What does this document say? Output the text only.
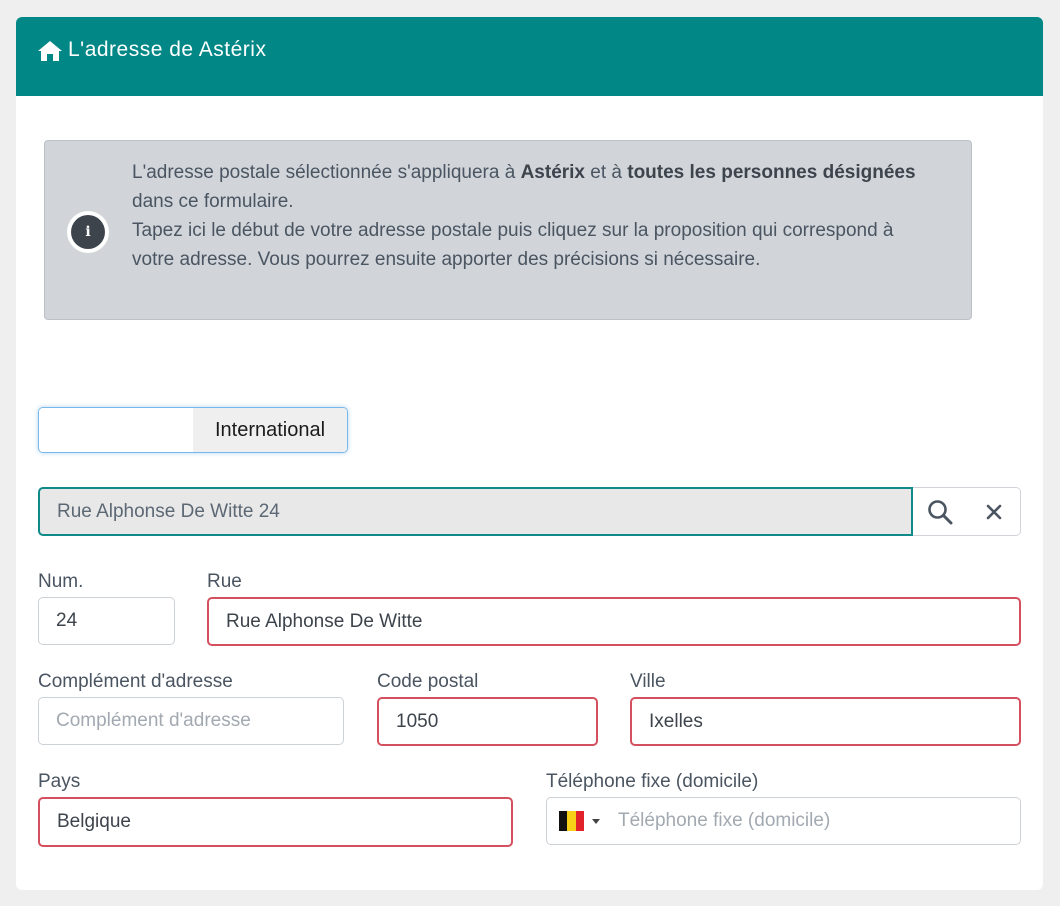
L'adresse de Astérix
i
L'adresse postale sélectionnée s'appliquera à Astérix et à toutes les personnes désignées dans ce formulaire.
Tapez ici le début de votre adresse postale puis cliquez sur la proposition qui correspond à votre adresse. Vous pourrez ensuite apporter des précisions si nécessaire.
International
Rue Alphonse De Witte 24
Num.
24
Rue
Rue Alphonse De Witte
Complément d'adresse
Complément d'adresse
Code postal
1050
Ville
Ixelles
Pays
Belgique
Téléphone fixe (domicile)
Téléphone fixe (domicile)
